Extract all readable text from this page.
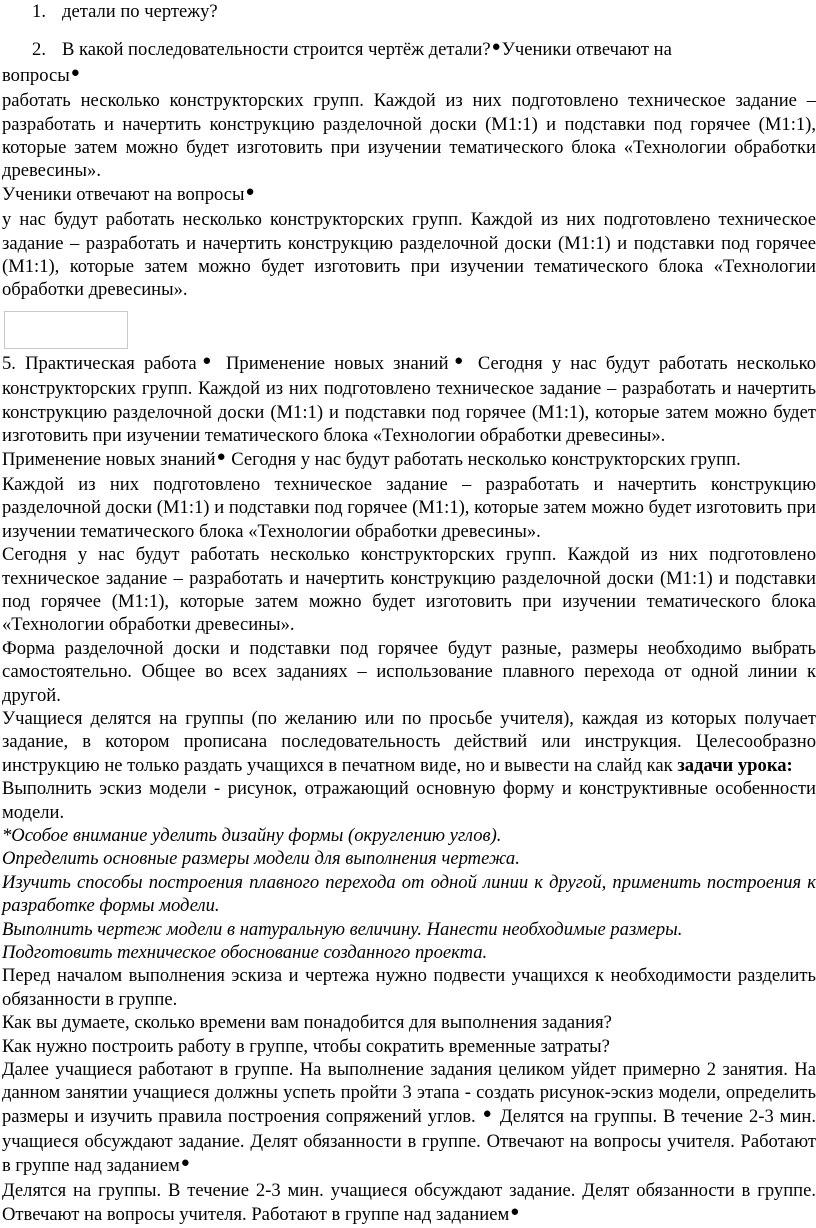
1. детали по чертежу?
2. В какой последовательности строится чертёж детали?●Ученики отвечают на

вопросы●

работать несколько конструкторских групп. Каждой из них подготовлено техническое задание – разработать и начертить конструкцию разделочной доски (М1:1) и подставки под горячее (М1:1), которые затем можно будет изготовить при изучении тематического блока «Технологии обработки древесины».

Ученики отвечают на вопросы●

у нас будут работать несколько конструкторских групп. Каждой из них подготовлено техническое задание – разработать и начертить конструкцию разделочной доски (М1:1) и подставки под горячее (М1:1), которые затем можно будет изготовить при изучении тематического блока «Технологии обработки древесины».

5. Практическая работа● Применение новых знаний● Сегодня у нас будут работать несколько конструкторских групп. Каждой из них подготовлено техническое задание – разработать и начертить конструкцию разделочной доски (М1:1) и подставки под горячее (М1:1), которые затем можно будет изготовить при изучении тематического блока «Технологии обработки древесины».

Применение новых знаний● Сегодня у нас будут работать несколько конструкторских групп.

Каждой из них подготовлено техническое задание – разработать и начертить конструкцию разделочной доски (М1:1) и подставки под горячее (М1:1), которые затем можно будет изготовить при изучении тематического блока «Технологии обработки древесины».

Сегодня у нас будут работать несколько конструкторских групп. Каждой из них подготовлено техническое задание – разработать и начертить конструкцию разделочной доски (М1:1) и подставки под горячее (М1:1), которые затем можно будет изготовить при изучении тематического блока «Технологии обработки древесины».

Форма разделочной доски и подставки под горячее будут разные, размеры необходимо выбрать самостоятельно. Общее во всех заданиях – использование плавного перехода от одной линии к другой.

Учащиеся делятся на группы (по желанию или по просьбе учителя), каждая из которых получает задание, в котором прописана последовательность действий или инструкция. Целесообразно инструкцию не только раздать учащихся в печатном виде, но и вывести на слайд как задачи урока:

Выполнить эскиз модели - рисунок, отражающий основную форму и конструктивные особенности модели.

*Особое внимание уделить дизайну формы (округлению углов).

Определить основные размеры модели для выполнения чертежа.

Изучить способы построения плавного перехода от одной линии к другой, применить построения к разработке формы модели.

Выполнить чертеж модели в натуральную величину. Нанести необходимые размеры.

Подготовить техническое обоснование созданного проекта.

Перед началом выполнения эскиза и чертежа нужно подвести учащихся к необходимости разделить обязанности в группе.

Как вы думаете, сколько времени вам понадобится для выполнения задания?

Как нужно построить работу в группе, чтобы сократить временные затраты?

Далее учащиеся работают в группе. На выполнение задания целиком уйдет примерно 2 занятия. На данном занятии учащиеся должны успеть пройти 3 этапа - создать рисунок-эскиз модели, определить размеры и изучить правила построения сопряжений углов. ● Делятся на группы. В течение 2-3 мин. учащиеся обсуждают задание. Делят обязанности в группе. Отвечают на вопросы учителя. Работают в группе над заданием●

Делятся на группы. В течение 2-3 мин. учащиеся обсуждают задание. Делят обязанности в группе. Отвечают на вопросы учителя. Работают в группе над заданием●
